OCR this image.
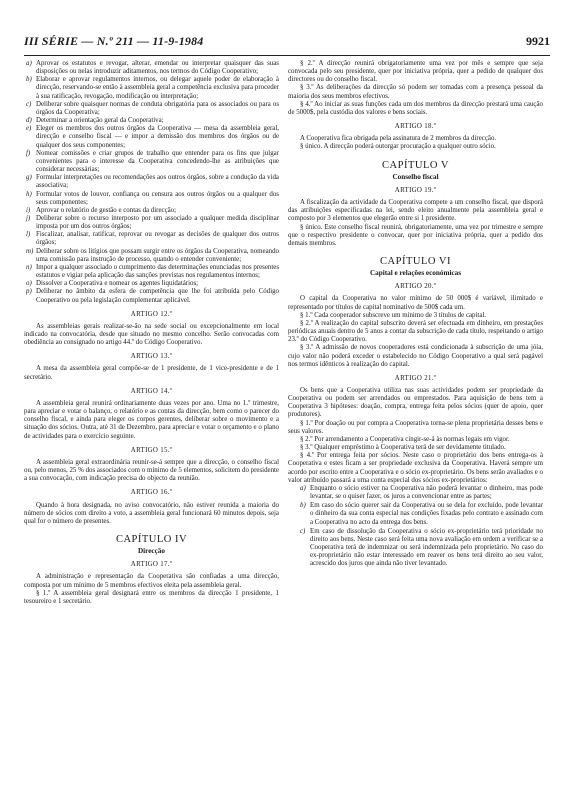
III SÉRIE — N.º 211 — 11-9-1984	9921
a) Aprovar os estatutos e revogar, alterar, emendar ou interpretar quaisquer das suas disposições ou nelas introduzir aditamentos, nos termos do Código Cooperativo;
b) Elaborar e aprovar regulamentos internos, ou delegar aquele poder de elaboração à direcção, reservando-se então à assembleia geral a competência exclusiva para proceder à sua ratificação, revogação, modificação ou interpretação;
c) Deliberar sobre quaisquer normas de conduta obrigatória para os associados ou para os órgãos da Cooperativa;
d) Determinar a orientação geral da Cooperativa;
e) Eleger os membros dos outros órgãos da Cooperativa — mesa da assembleia geral, direcção e conselho fiscal — e impor a demissão dos membros dos órgãos ou de qualquer dos seus componentes;
f) Nomear comissões e criar grupos de trabalho que entender para os fins que julgar convenientes para o interesse da Cooperativa concedendo-lhe as atribuições que considerar necessárias;
g) Formular interpretações ou recomendações aos outros órgãos, sobre a condução da vida associativa;
h) Formular votos de louvor, confiança ou censura aos outros órgãos ou a qualquer dos seus componentes;
i) Aprovar o relatório de gestão e contas da direcção;
j) Deliberar sobre o recurso interposto por um associado a qualquer medida disciplinar imposta por um dos outros órgãos;
l) Fiscalizar, analisar, ratificar, reprovar ou revogar as decisões de qualquer dos outros órgãos;
m) Deliberar sobre os litígios que possam surgir entre os órgãos da Cooperativa, nomeando uma comissão para instrução de processo, quando o entender conveniente;
n) Impor a qualquer associado o cumprimento das determinações enunciadas nos presentes estatutos e vigiar pela aplicação das sanções previstas nos regulamentos internos;
o) Dissolver a Cooperativa e nomear os agentes liquidatários;
p) Deliberar no âmbito da esfera de competência que lhe foi atribuída pelo Código Cooperativo ou pela legislação complementar aplicável.
ARTIGO 12.º

As assembleias gerais realizar-se-ão na sede social ou excepcionalmente em local indicado na convocatória, desde que situado no mesmo concelho. Serão convocadas com obediência ao consignado no artigo 44.º do Código Cooperativo.

ARTIGO 13.º

A mesa da assembleia geral compõe-se de 1 presidente, de 1 vice-presidente e de 1 secretário.

ARTIGO 14.º

A assembleia geral reunirá ordinariamente duas vezes por ano. Uma no 1.º trimestre, para apreciar e votar o balanço, o relatório e as contas da direcção, bem como o parecer do conselho fiscal, e ainda para eleger os corpos gerentes, deliberar sobre o movimento e a situação dos sócios. Outra, até 31 de Dezembro, para apreciar e votar o orçamento e o plano de actividades para o exercício seguinte.

ARTIGO 15.º

A assembleia geral extraordinária reunir-se-á sempre que a direcção, o conselho fiscal ou, pelo menos, 25 % dos associados com o mínimo de 5 elementos, solicitem do presidente a sua convocação, com indicação precisa do objecto da reunião.

ARTIGO 16.º

Quando à hora designada, no aviso convocatório, não estiver reunida a maioria do número de sócios com direito a voto, a assembleia geral funcionará 60 minutos depois, seja qual for o número de presentes.

CAPÍTULO IV
Direcção
ARTIGO 17.º

A administração e representação da Cooperativa são confiadas a uma direcção, composta por um mínimo de 5 membros efectivos eleita pela assembleia geral.

§ 1.º A assembleia geral designará entre os membros da direcção 1 presidente, 1 tesoureiro e 1 secretário.

§ 2.º A direcção reunirá obrigatoriamente uma vez por mês e sempre que seja convocada pelo seu presidente, quer por iniciativa própria, quer a pedido de qualquer dos directores ou do conselho fiscal.

§ 3.º As deliberações da direcção só podem ser tomadas com a presença pessoal da maioria dos seus membros efectivos.

§ 4.º Ao iniciar as suas funções cada um dos membros da direcção prestará uma caução de 5000$, pela custódia dos valores e bens sociais.

ARTIGO 18.º

A Cooperativa fica obrigada pela assinatura de 2 membros da direcção.

§ único. A direcção poderá outorgar procuração a qualquer outro sócio.

CAPÍTULO V
Conselho fiscal
ARTIGO 19.º

A fiscalização da actividade da Cooperativa compete a um conselho fiscal, que disporá das atribuições especificadas na lei, sendo eleito anualmente pela assembleia geral e composto por 3 elementos que elegerão entre si 1 presidente.

§ único. Este conselho fiscal reunirá, obrigatoriamente, uma vez por trimestre e sempre que o respectivo presidente o convocar, quer por iniciativa própria, quer a pedido dos demais membros.

CAPÍTULO VI
Capital e relações económicas
ARTIGO 20.º

O capital da Cooperativa no valor mínimo de 50 000$ é variável, ilimitado e representado por títulos de capital nominativo de 500$ cada um.

§ 1.º Cada cooperador subscreve um mínimo de 3 títulos de capital.

§ 2.º A realização do capital subscrito deverá ser efectuada em dinheiro, em prestações periódicas anuais dentro de 5 anos a contar da subscrição de cada título, respeitando o artigo 23.º do Código Cooperativo.

§ 3.º A admissão de novos cooperadores está condicionada à subscrição de uma jóia, cujo valor não poderá exceder o estabelecido no Código Cooperativo a qual será pagável nos termos idênticos à realização do capital.

ARTIGO 21.º

Os bens que a Cooperativa utiliza nas suas actividades podem ser propriedade da Cooperativa ou podem ser arrendados ou emprestados. Para aquisição de bens tem a Cooperativa 3 hipóteses: doação, compra, entrega feita pelos sócios (quer de apoio, quer produtores).

§ 1.º Por doação ou por compra a Cooperativa torna-se plena proprietária desses bens e seus valores.

§ 2.º Por arrendamento a Cooperativa cingir-se-á às normas legais em vigor.

§ 3.º Qualquer empréstimo à Cooperativa terá de ser devidamente titulado.

§ 4.º Por entrega feita por sócios. Neste caso o proprietário dos bens entrega-os à Cooperativa e estes ficam a ser propriedade exclusiva da Cooperativa. Haverá sempre um acordo por escrito entre a Cooperativa e o sócio ex-proprietário. Os bens serão avaliados e o valor atribuído passará a uma conta especial dos sócios ex-proprietários:

a) Enquanto o sócio estiver na Cooperativa não poderá levantar o dinheiro, mas pode levantar, se o quiser fazer, os juros a convencionar entre as partes;
b) Em caso do sócio querer sair da Cooperativa ou se dela for excluído, pode levantar o dinheiro da sua conta especial nas condições fixadas pelo contrato e assinado com a Cooperativa no acto da entrega dos bens.
c) Em caso de dissolução da Cooperativa o sócio ex-proprietário terá prioridade no direito aos bens. Neste caso será feita uma nova avaliação em ordem a verificar se a Cooperativa terá de indemnizar ou será indemnizada pelo proprietário. No caso do ex-proprietário não estar interessado em reaver os bens terá direito ao seu valor, acrescido dos juros que ainda não tiver levantado.
